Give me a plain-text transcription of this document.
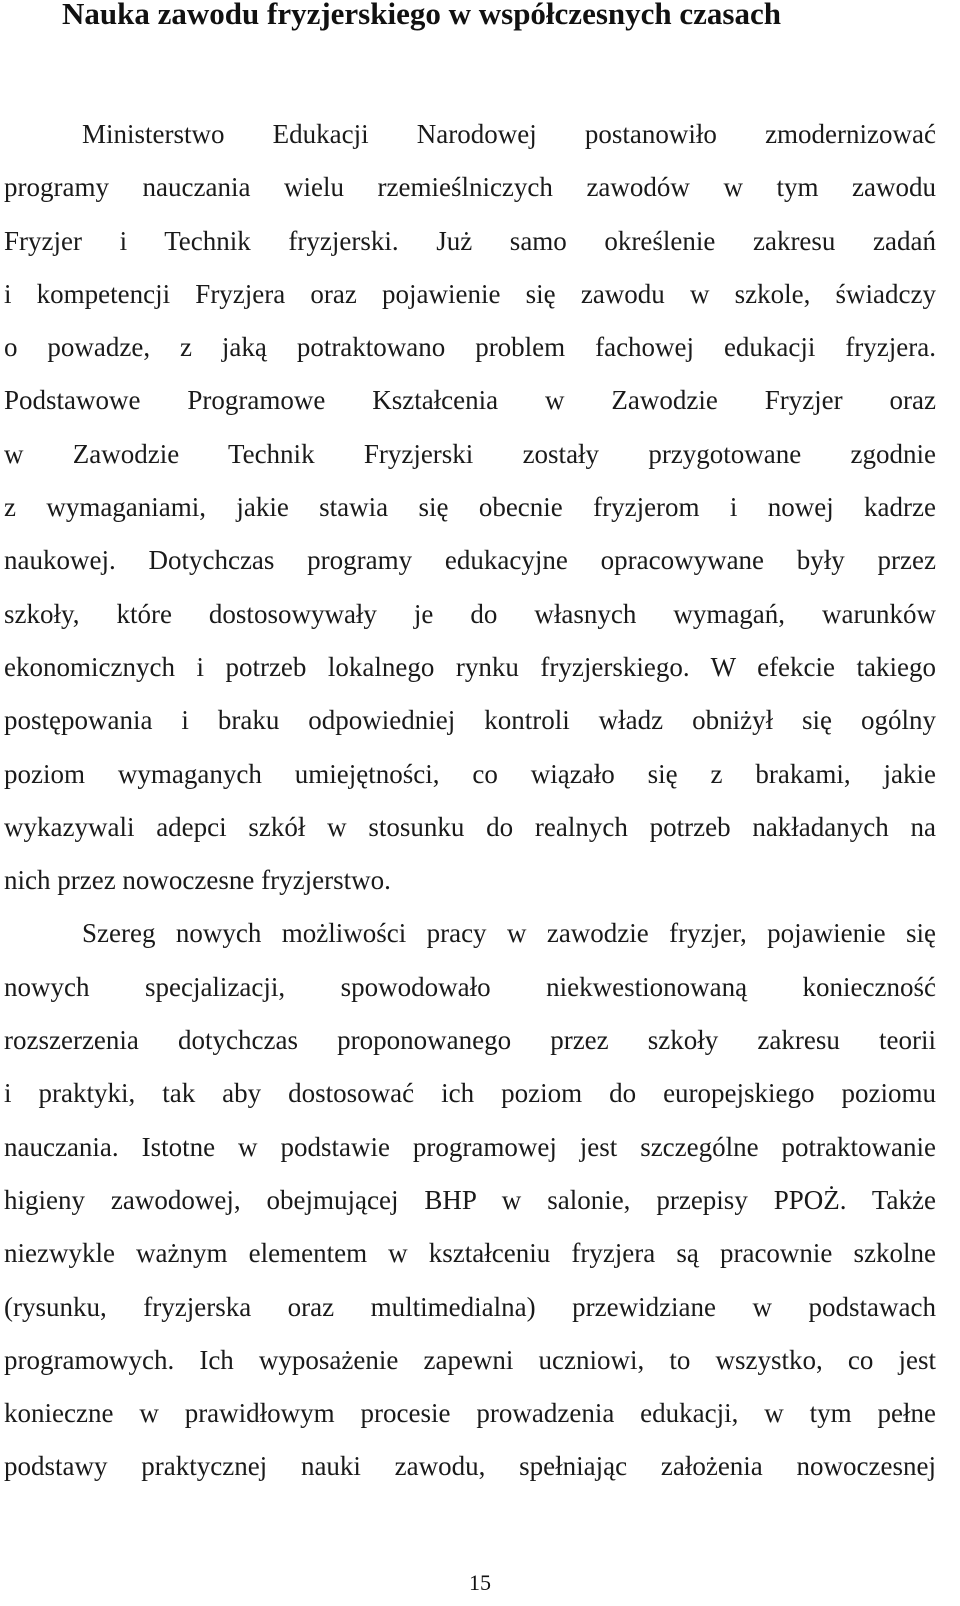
Nauka zawodu fryzjerskiego w współczesnych czasach
Ministerstwo Edukacji Narodowej postanowiło zmodernizować
programy nauczania wielu rzemieślniczych zawodów w tym zawodu
Fryzjer i Technik fryzjerski. Już samo określenie zakresu zadań
i kompetencji Fryzjera oraz pojawienie się zawodu w szkole, świadczy
o powadze, z jaką potraktowano problem fachowej edukacji fryzjera.
Podstawowe Programowe Kształcenia w Zawodzie Fryzjer oraz
w Zawodzie Technik Fryzjerski zostały przygotowane zgodnie
z wymaganiami, jakie stawia się obecnie fryzjerom i nowej kadrze
naukowej. Dotychczas programy edukacyjne opracowywane były przez
szkoły, które dostosowywały je do własnych wymagań, warunków
ekonomicznych i potrzeb lokalnego rynku fryzjerskiego. W efekcie takiego
postępowania i braku odpowiedniej kontroli władz obniżył się ogólny
poziom wymaganych umiejętności, co wiązało się z brakami, jakie
wykazywali adepci szkół w stosunku do realnych potrzeb nakładanych na
nich przez nowoczesne fryzjerstwo.
Szereg nowych możliwości pracy w zawodzie fryzjer, pojawienie się
nowych specjalizacji, spowodowało niekwestionowaną konieczność
rozszerzenia dotychczas proponowanego przez szkoły zakresu teorii
i praktyki, tak aby dostosować ich poziom do europejskiego poziomu
nauczania. Istotne w podstawie programowej jest szczególne potraktowanie
higieny zawodowej, obejmującej BHP w salonie, przepisy PPOŻ. Także
niezwykle ważnym elementem w kształceniu fryzjera są pracownie szkolne
(rysunku, fryzjerska oraz multimedialna) przewidziane w podstawach
programowych. Ich wyposażenie zapewni uczniowi, to wszystko, co jest
konieczne w prawidłowym procesie prowadzenia edukacji, w tym pełne
podstawy praktycznej nauki zawodu, spełniając założenia nowoczesnej
15
